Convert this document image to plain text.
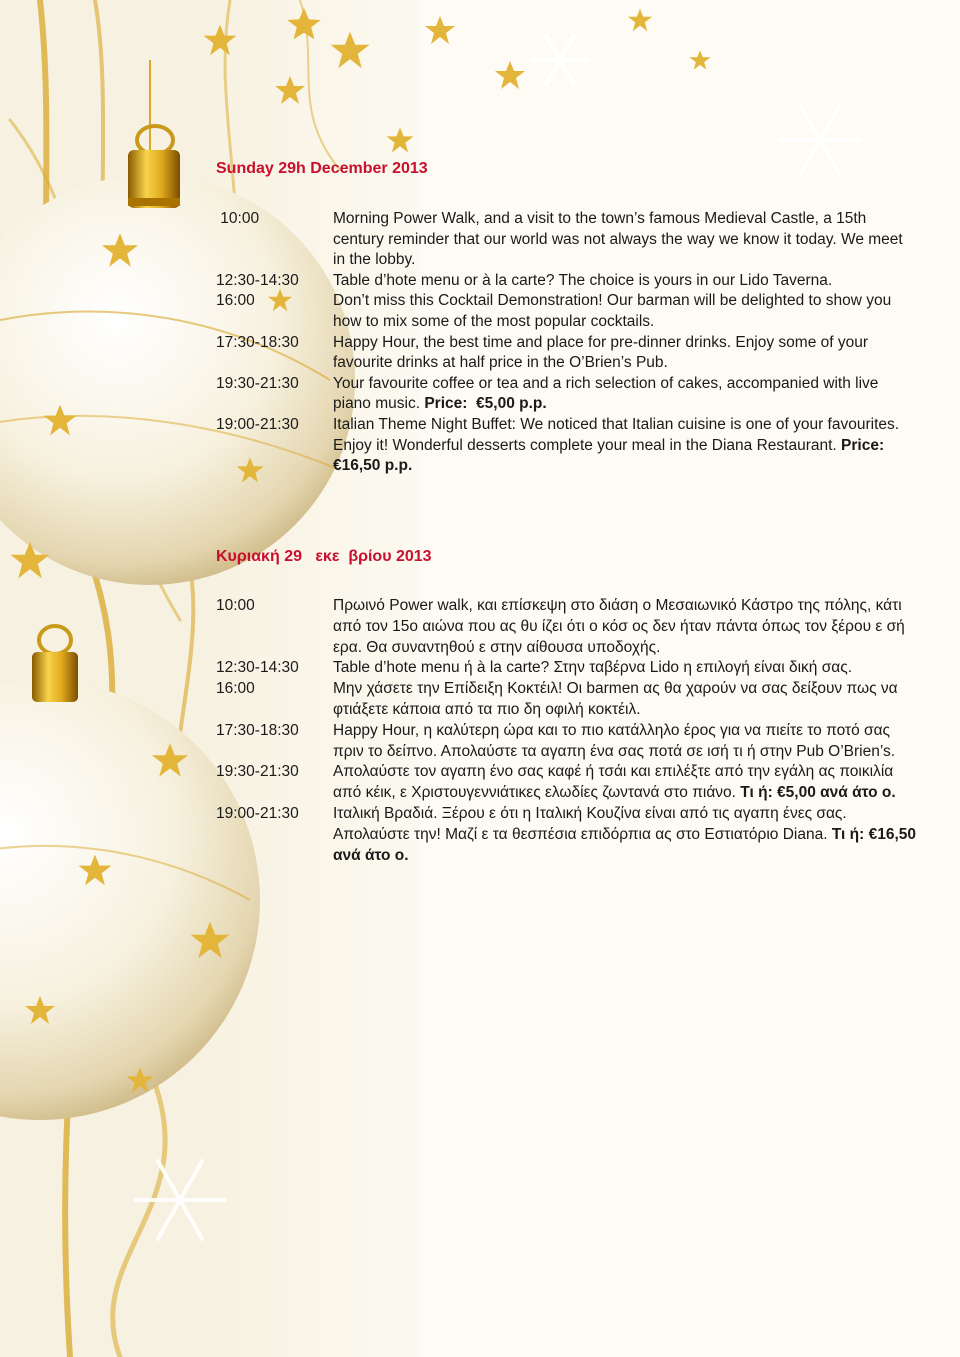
Sunday 29h December 2013
10:00	Morning Power Walk, and a visit to the town’s famous Medieval Castle, a 15th century reminder that our world was not always the way we know it today. We meet in the lobby.
12:30-14:30	Table d’hote menu or à la carte? The choice is yours in our Lido Taverna.
16:00	Don’t miss this Cocktail Demonstration! Our barman will be delighted to show you how to mix some of the most popular cocktails.
17:30-18:30	Happy Hour, the best time and place for pre-dinner drinks. Enjoy some of your favourite drinks at half price in the O’Brien’s Pub.
19:30-21:30	Your favourite coffee or tea and a rich selection of cakes, accompanied with live piano music. Price:  €5,00 p.p.
19:00-21:30	Italian Theme Night Buffet: We noticed that Italian cuisine is one of your favourites. Enjoy it! Wonderful desserts complete your meal in the Diana Restaurant. Price: €16,50 p.p.
Κυριακή 29   εκε  βρίου 2013
10:00	Πρωινό Power walk, και επίσκεψη στο διάση ο Μεσαιωνικό Κάστρο της πόλης, κάτι από τον 15ο αιώνα που ας θυ ίζει ότι ο κόσ ος δεν ήταν πάντα όπως τον ξέρου ε σή ερα. Θα συναντηθού ε στην αίθουσα υποδοχής.
12:30-14:30	Table d’hote menu ή à la carte? Στην ταβέρνα Lido η επιλογή είναι δική σας.
16:00	Μην χάσετε την Επίδειξη Κοκτέιλ! Οι barmen ας θα χαρούν να σας δείξουν πως να φτιάξετε κάποια από τα πιο δη οφιλή κοκτέιλ.
17:30-18:30	Happy Hour, η καλύτερη ώρα και το πιο κατάλληλο έρος για να πιείτε το ποτό σας πριν το δείπνο. Απολαύστε τα αγαπη ένα σας ποτά σε ισή τι ή στην Pub O’Brien’s.
19:30-21:30	Απολαύστε τον αγαπη ένο σας καφέ ή τσάι και επιλέξτε από την εγάλη ας ποικιλία από κέικ, ε Χριστουγεννιάτικες ελωδίες ζωντανά στο πιάνο. Τι ή: €5,00 ανά άτο ο.
19:00-21:30	Ιταλική Βραδιά. Ξέρου ε ότι η Ιταλική Κουζίνα είναι από τις αγαπη ένες σας. Απολαύστε την! Μαζί ε τα θεσπέσια επιδόρπια ας στο Εστιατόριο Diana. Τι ή: €16,50 ανά άτο ο.
